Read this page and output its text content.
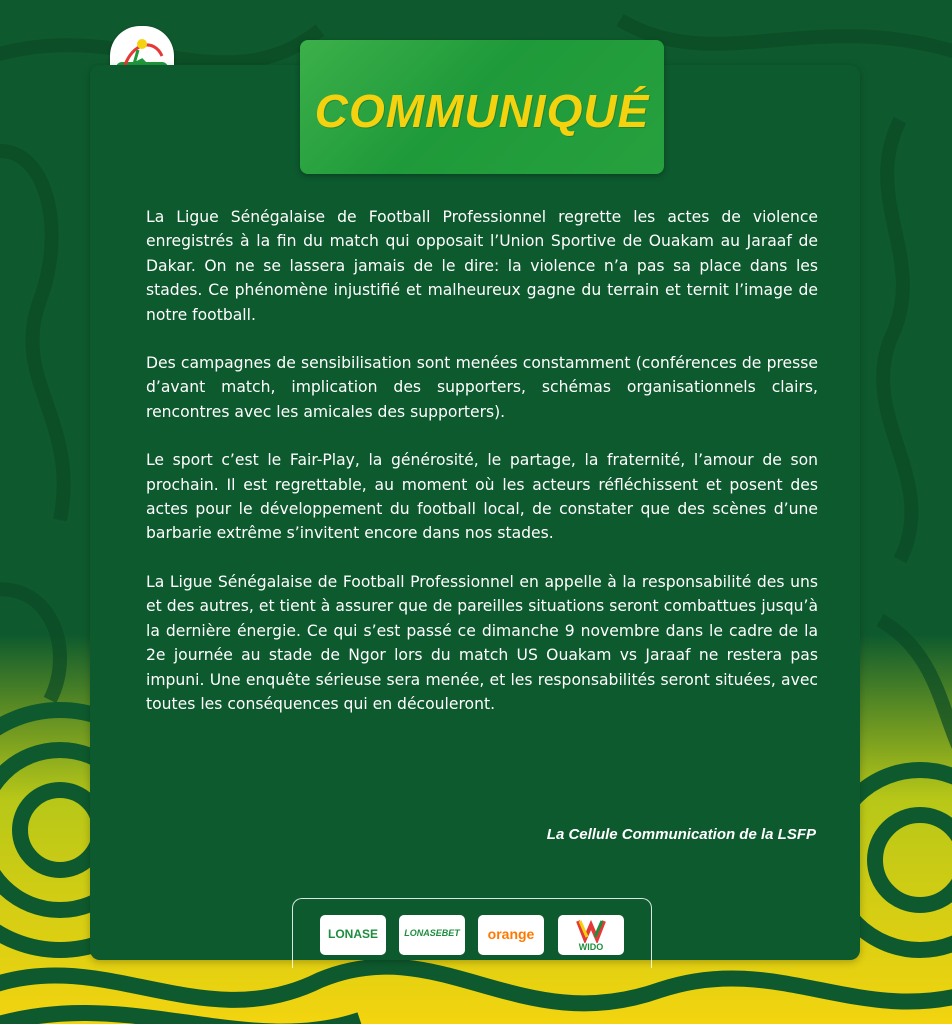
COMMUNIQUÉ

La Ligue Sénégalaise de Football Professionnel regrette les actes de violence enregistrés à la fin du match qui opposait l’Union Sportive de Ouakam au Jaraaf de Dakar. On ne se lassera jamais de le dire: la violence n’a pas sa place dans les stades. Ce phénomène injustifié et malheureux gagne du terrain et ternit l’image de notre football.

Des campagnes de sensibilisation sont menées constamment (conférences de presse d’avant match, implication des supporters, schémas organisationnels clairs, rencontres avec les amicales des supporters).

Le sport c’est le Fair-Play, la générosité, le partage, la fraternité, l’amour de son prochain. Il est regrettable, au moment où les acteurs réfléchissent et posent des actes pour le développement du football local, de constater que des scènes d’une barbarie extrême s’invitent encore dans nos stades.

La Ligue Sénégalaise de Football Professionnel en appelle à la responsabilité des uns et des autres, et tient à assurer que de pareilles situations seront combattues jusqu’à la dernière énergie. Ce qui s’est passé ce dimanche 9 novembre dans le cadre de la 2e journée au stade de Ngor lors du match US Ouakam vs Jaraaf ne restera pas impuni. Une enquête sérieuse sera menée, et les responsabilités seront situées, avec toutes les conséquences qui en découleront.

La Cellule Communication de la LSFP
LONASE	LONASEBET	orange
WIDO
